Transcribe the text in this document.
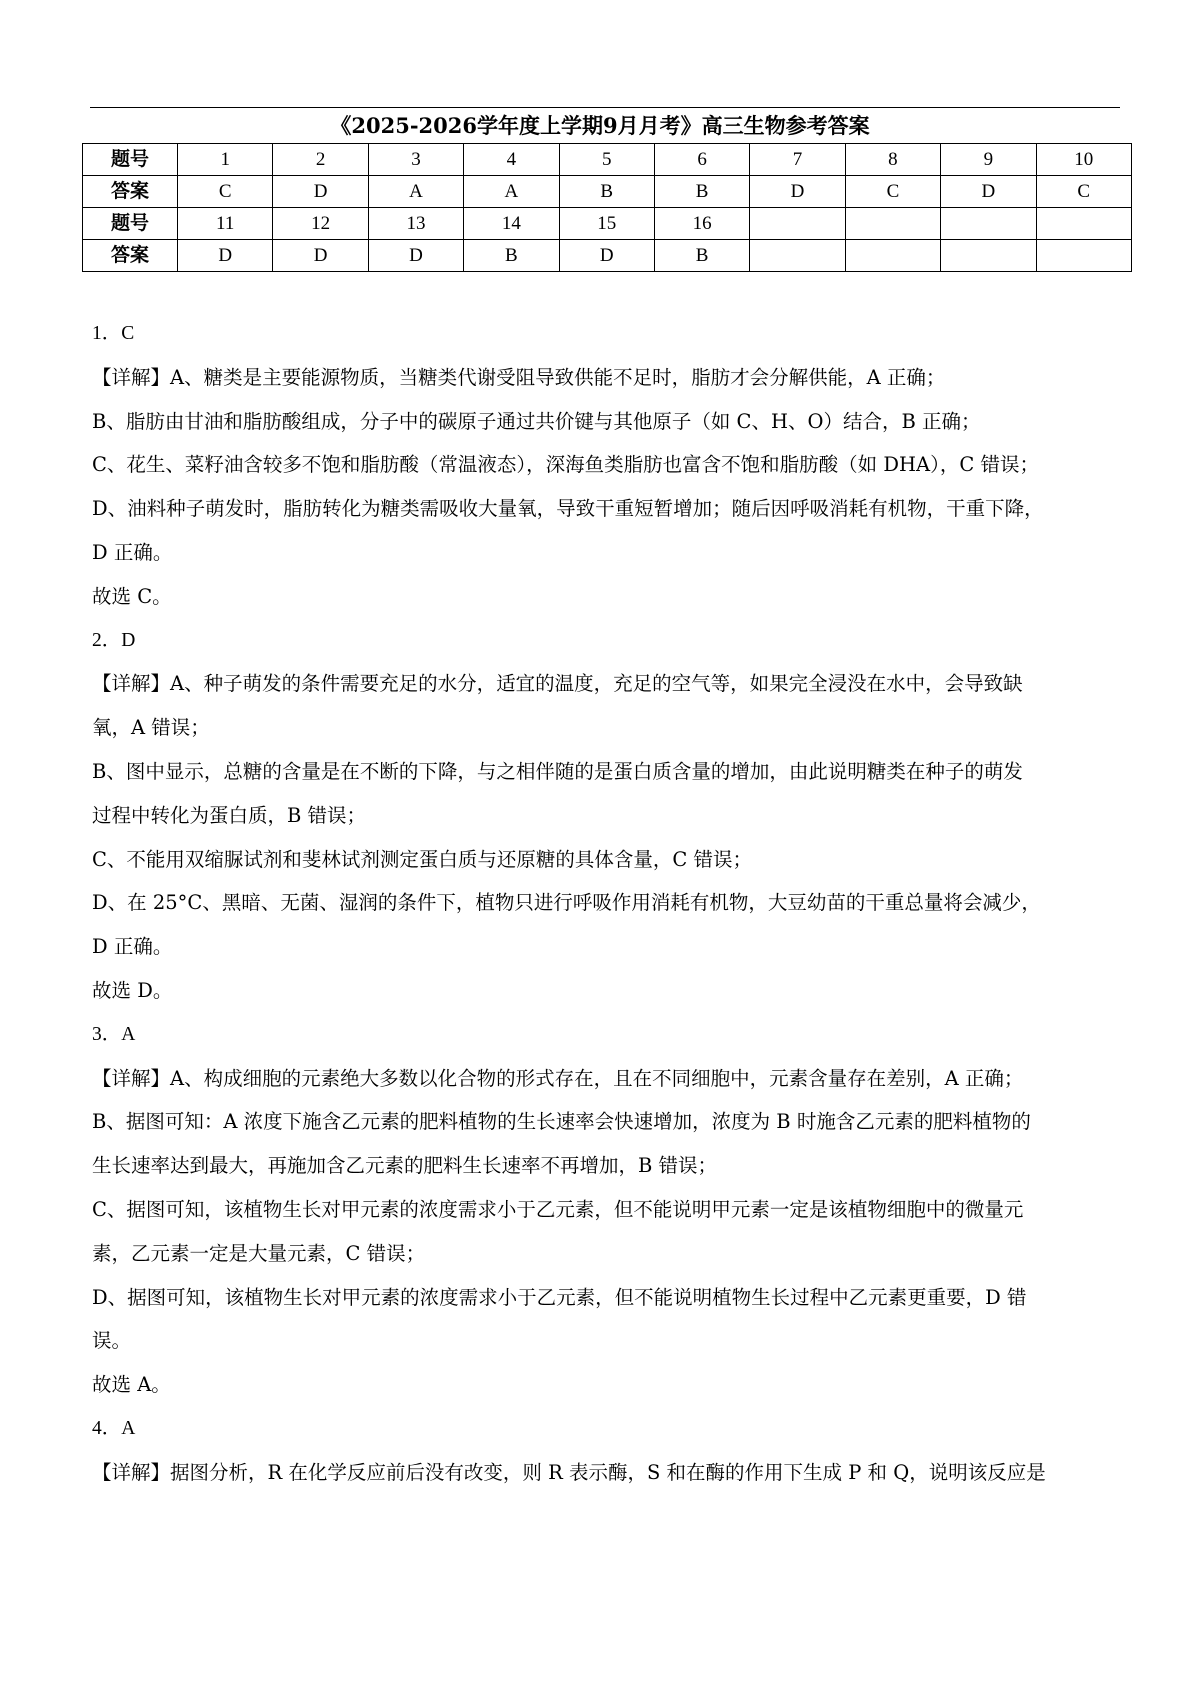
《2025-2026学年度上学期9月月考》高三生物参考答案
题号	1	2	3	4	5	6	7	8	9	10
答案	C	D	A	A	B	B	D	C	D	C
题号	11	12	13	14	15	16				
答案	D	D	D	B	D	B				
1．C
【详解】A、糖类是主要能源物质，当糖类代谢受阻导致供能不足时，脂肪才会分解供能，A 正确；
B、脂肪由甘油和脂肪酸组成，分子中的碳原子通过共价键与其他原子（如 C、H、O）结合，B 正确；
C、花生、菜籽油含较多不饱和脂肪酸（常温液态），深海鱼类脂肪也富含不饱和脂肪酸（如 DHA），C 错误；
D、油料种子萌发时，脂肪转化为糖类需吸收大量氧，导致干重短暂增加；随后因呼吸消耗有机物，干重下降，
D 正确。
故选 C。
2．D
【详解】A、种子萌发的条件需要充足的水分，适宜的温度，充足的空气等，如果完全浸没在水中，会导致缺
氧，A 错误；
B、图中显示，总糖的含量是在不断的下降，与之相伴随的是蛋白质含量的增加，由此说明糖类在种子的萌发
过程中转化为蛋白质，B 错误；
C、不能用双缩脲试剂和斐林试剂测定蛋白质与还原糖的具体含量，C 错误；
D、在 25°C、黑暗、无菌、湿润的条件下，植物只进行呼吸作用消耗有机物，大豆幼苗的干重总量将会减少，
D 正确。
故选 D。
3．A
【详解】A、构成细胞的元素绝大多数以化合物的形式存在，且在不同细胞中，元素含量存在差别，A 正确；
B、据图可知：A 浓度下施含乙元素的肥料植物的生长速率会快速增加，浓度为 B 时施含乙元素的肥料植物的
生长速率达到最大，再施加含乙元素的肥料生长速率不再增加，B 错误；
C、据图可知，该植物生长对甲元素的浓度需求小于乙元素，但不能说明甲元素一定是该植物细胞中的微量元
素，乙元素一定是大量元素，C 错误；
D、据图可知，该植物生长对甲元素的浓度需求小于乙元素，但不能说明植物生长过程中乙元素更重要，D 错
误。
故选 A。
4．A
【详解】据图分析，R 在化学反应前后没有改变，则 R 表示酶，S 和在酶的作用下生成 P 和 Q，说明该反应是
